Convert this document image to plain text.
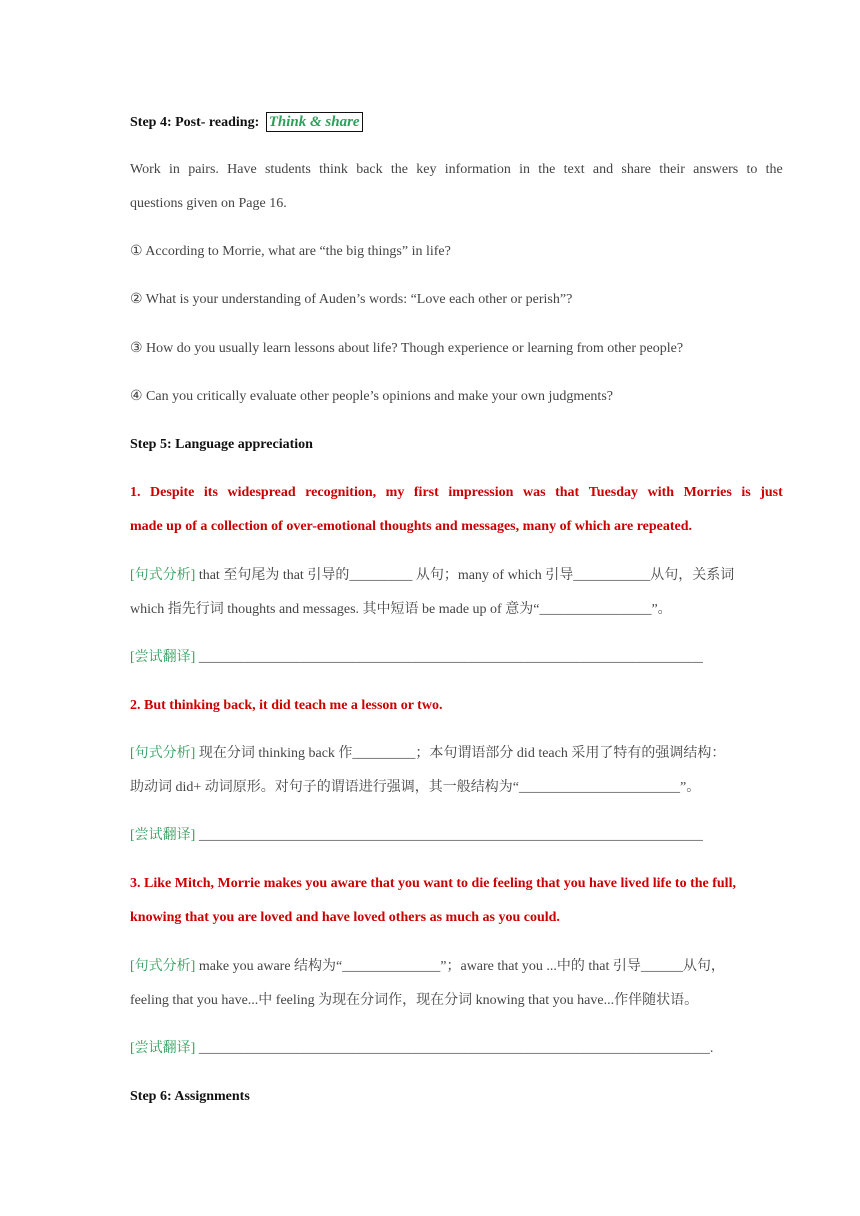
Step 4: Post- reading: Think & share
Work in pairs. Have students think back the key information in the text and share their answers to the
questions given on Page 16.
① According to Morrie, what are “the big things” in life?
② What is your understanding of Auden’s words: “Love each other or perish”?
③ How do you usually learn lessons about life? Though experience or learning from other people?
④ Can you critically evaluate other people’s opinions and make your own judgments?
Step 5: Language appreciation
1. Despite its widespread recognition, my first impression was that Tuesday with Morries is just
made up of a collection of over-emotional thoughts and messages, many of which are repeated.
[句式分析] that 至句尾为 that 引导的_________ 从句；many of which 引导___________从句，关系词
which 指先行词 thoughts and messages. 其中短语 be made up of 意为“________________”。
[尝试翻译] ________________________________________________________________________
2. But thinking back, it did teach me a lesson or two.
[句式分析] 现在分词 thinking back 作_________；本句谓语部分 did teach 采用了特有的强调结构：
助动词 did+ 动词原形。对句子的谓语进行强调，其一般结构为“_______________________”。
[尝试翻译] ________________________________________________________________________
3. Like Mitch, Morrie makes you aware that you want to die feeling that you have lived life to the full,
knowing that you are loved and have loved others as much as you could.
[句式分析] make you aware 结构为“______________”；aware that you ...中的 that 引导______从句，
feeling that you have...中 feeling 为现在分词作，现在分词 knowing that you have...作伴随状语。
[尝试翻译] _________________________________________________________________________.
Step 6: Assignments
